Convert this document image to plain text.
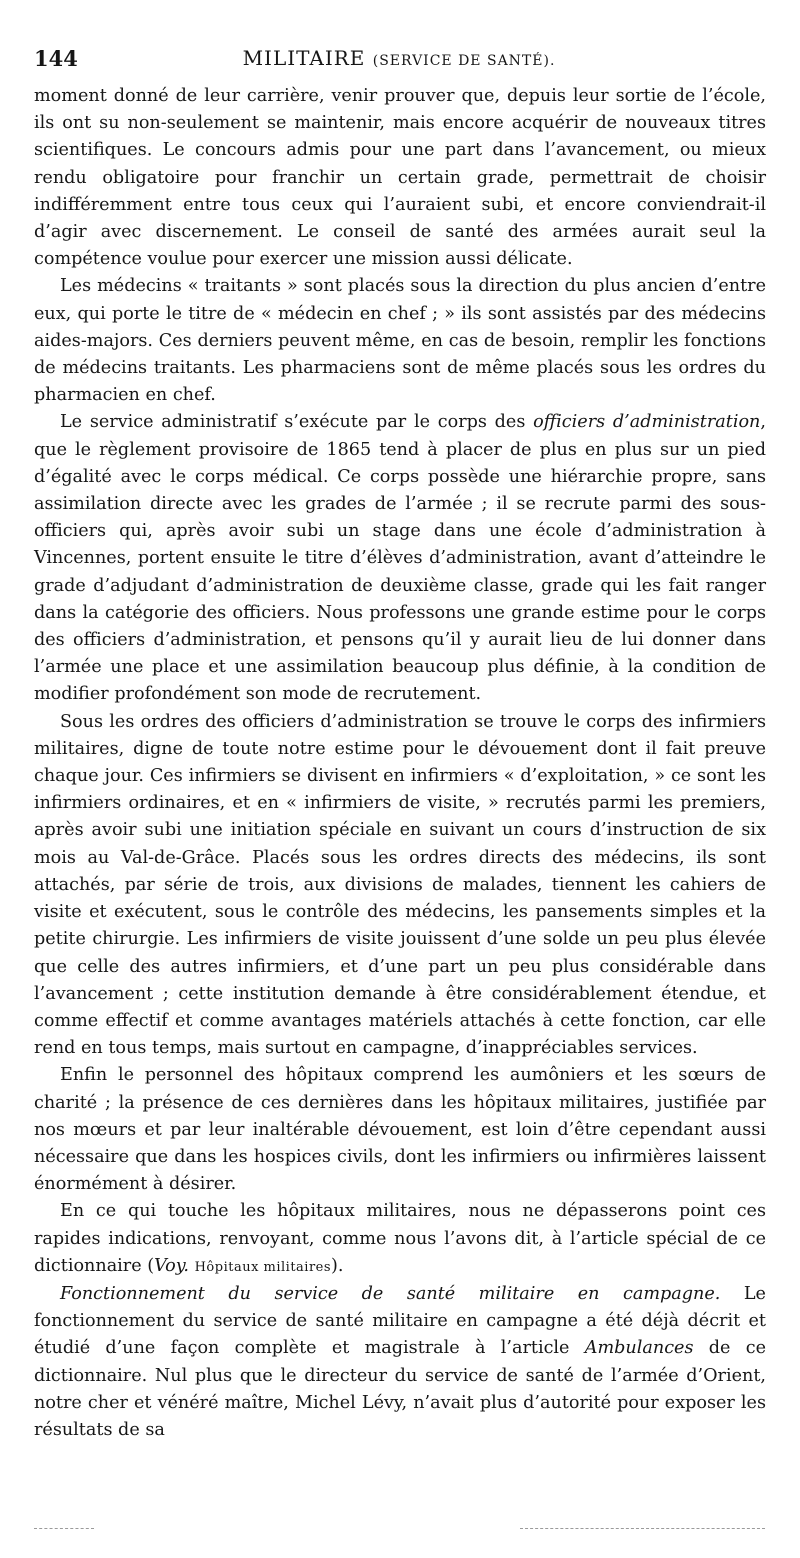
144	MILITAIRE (SERVICE DE SANTÉ).

moment donné de leur carrière, venir prouver que, depuis leur sortie de l’école, ils ont su non-seulement se maintenir, mais encore acquérir de nouveaux titres scientifiques. Le concours admis pour une part dans l’avancement, ou mieux rendu obligatoire pour franchir un certain grade, permettrait de choisir indifféremment entre tous ceux qui l’auraient subi, et encore conviendrait-il d’agir avec discernement. Le conseil de santé des armées aurait seul la compétence voulue pour exercer une mission aussi délicate.

Les médecins « traitants » sont placés sous la direction du plus ancien d’entre eux, qui porte le titre de « médecin en chef ; » ils sont assistés par des médecins aides-majors. Ces derniers peuvent même, en cas de besoin, remplir les fonctions de médecins traitants. Les pharmaciens sont de même placés sous les ordres du pharmacien en chef.

Le service administratif s’exécute par le corps des officiers d’administration, que le règlement provisoire de 1865 tend à placer de plus en plus sur un pied d’égalité avec le corps médical. Ce corps possède une hiérarchie propre, sans assimilation directe avec les grades de l’armée ; il se recrute parmi des sous-officiers qui, après avoir subi un stage dans une école d’administration à Vincennes, portent ensuite le titre d’élèves d’administration, avant d’atteindre le grade d’adjudant d’administration de deuxième classe, grade qui les fait ranger dans la catégorie des officiers. Nous professons une grande estime pour le corps des officiers d’administration, et pensons qu’il y aurait lieu de lui donner dans l’armée une place et une assimilation beaucoup plus définie, à la condition de modifier profondément son mode de recrutement.

Sous les ordres des officiers d’administration se trouve le corps des infirmiers militaires, digne de toute notre estime pour le dévouement dont il fait preuve chaque jour. Ces infirmiers se divisent en infirmiers « d’exploitation, » ce sont les infirmiers ordinaires, et en « infirmiers de visite, » recrutés parmi les premiers, après avoir subi une initiation spéciale en suivant un cours d’instruction de six mois au Val-de-Grâce. Placés sous les ordres directs des médecins, ils sont attachés, par série de trois, aux divisions de malades, tiennent les cahiers de visite et exécutent, sous le contrôle des médecins, les pansements simples et la petite chirurgie. Les infirmiers de visite jouissent d’une solde un peu plus élevée que celle des autres infirmiers, et d’une part un peu plus considérable dans l’avancement ; cette institution demande à être considérablement étendue, et comme effectif et comme avantages matériels attachés à cette fonction, car elle rend en tous temps, mais surtout en campagne, d’inappréciables services.

Enfin le personnel des hôpitaux comprend les aumôniers et les sœurs de charité ; la présence de ces dernières dans les hôpitaux militaires, justifiée par nos mœurs et par leur inaltérable dévouement, est loin d’être cependant aussi nécessaire que dans les hospices civils, dont les infirmiers ou infirmières laissent énormément à désirer.

En ce qui touche les hôpitaux militaires, nous ne dépasserons point ces rapides indications, renvoyant, comme nous l’avons dit, à l’article spécial de ce dictionnaire (Voy. Hôpitaux militaires).

Fonctionnement du service de santé militaire en campagne. Le fonctionnement du service de santé militaire en campagne a été déjà décrit et étudié d’une façon complète et magistrale à l’article Ambulances de ce dictionnaire. Nul plus que le directeur du service de santé de l’armée d’Orient, notre cher et vénéré maître, Michel Lévy, n’avait plus d’autorité pour exposer les résultats de sa
